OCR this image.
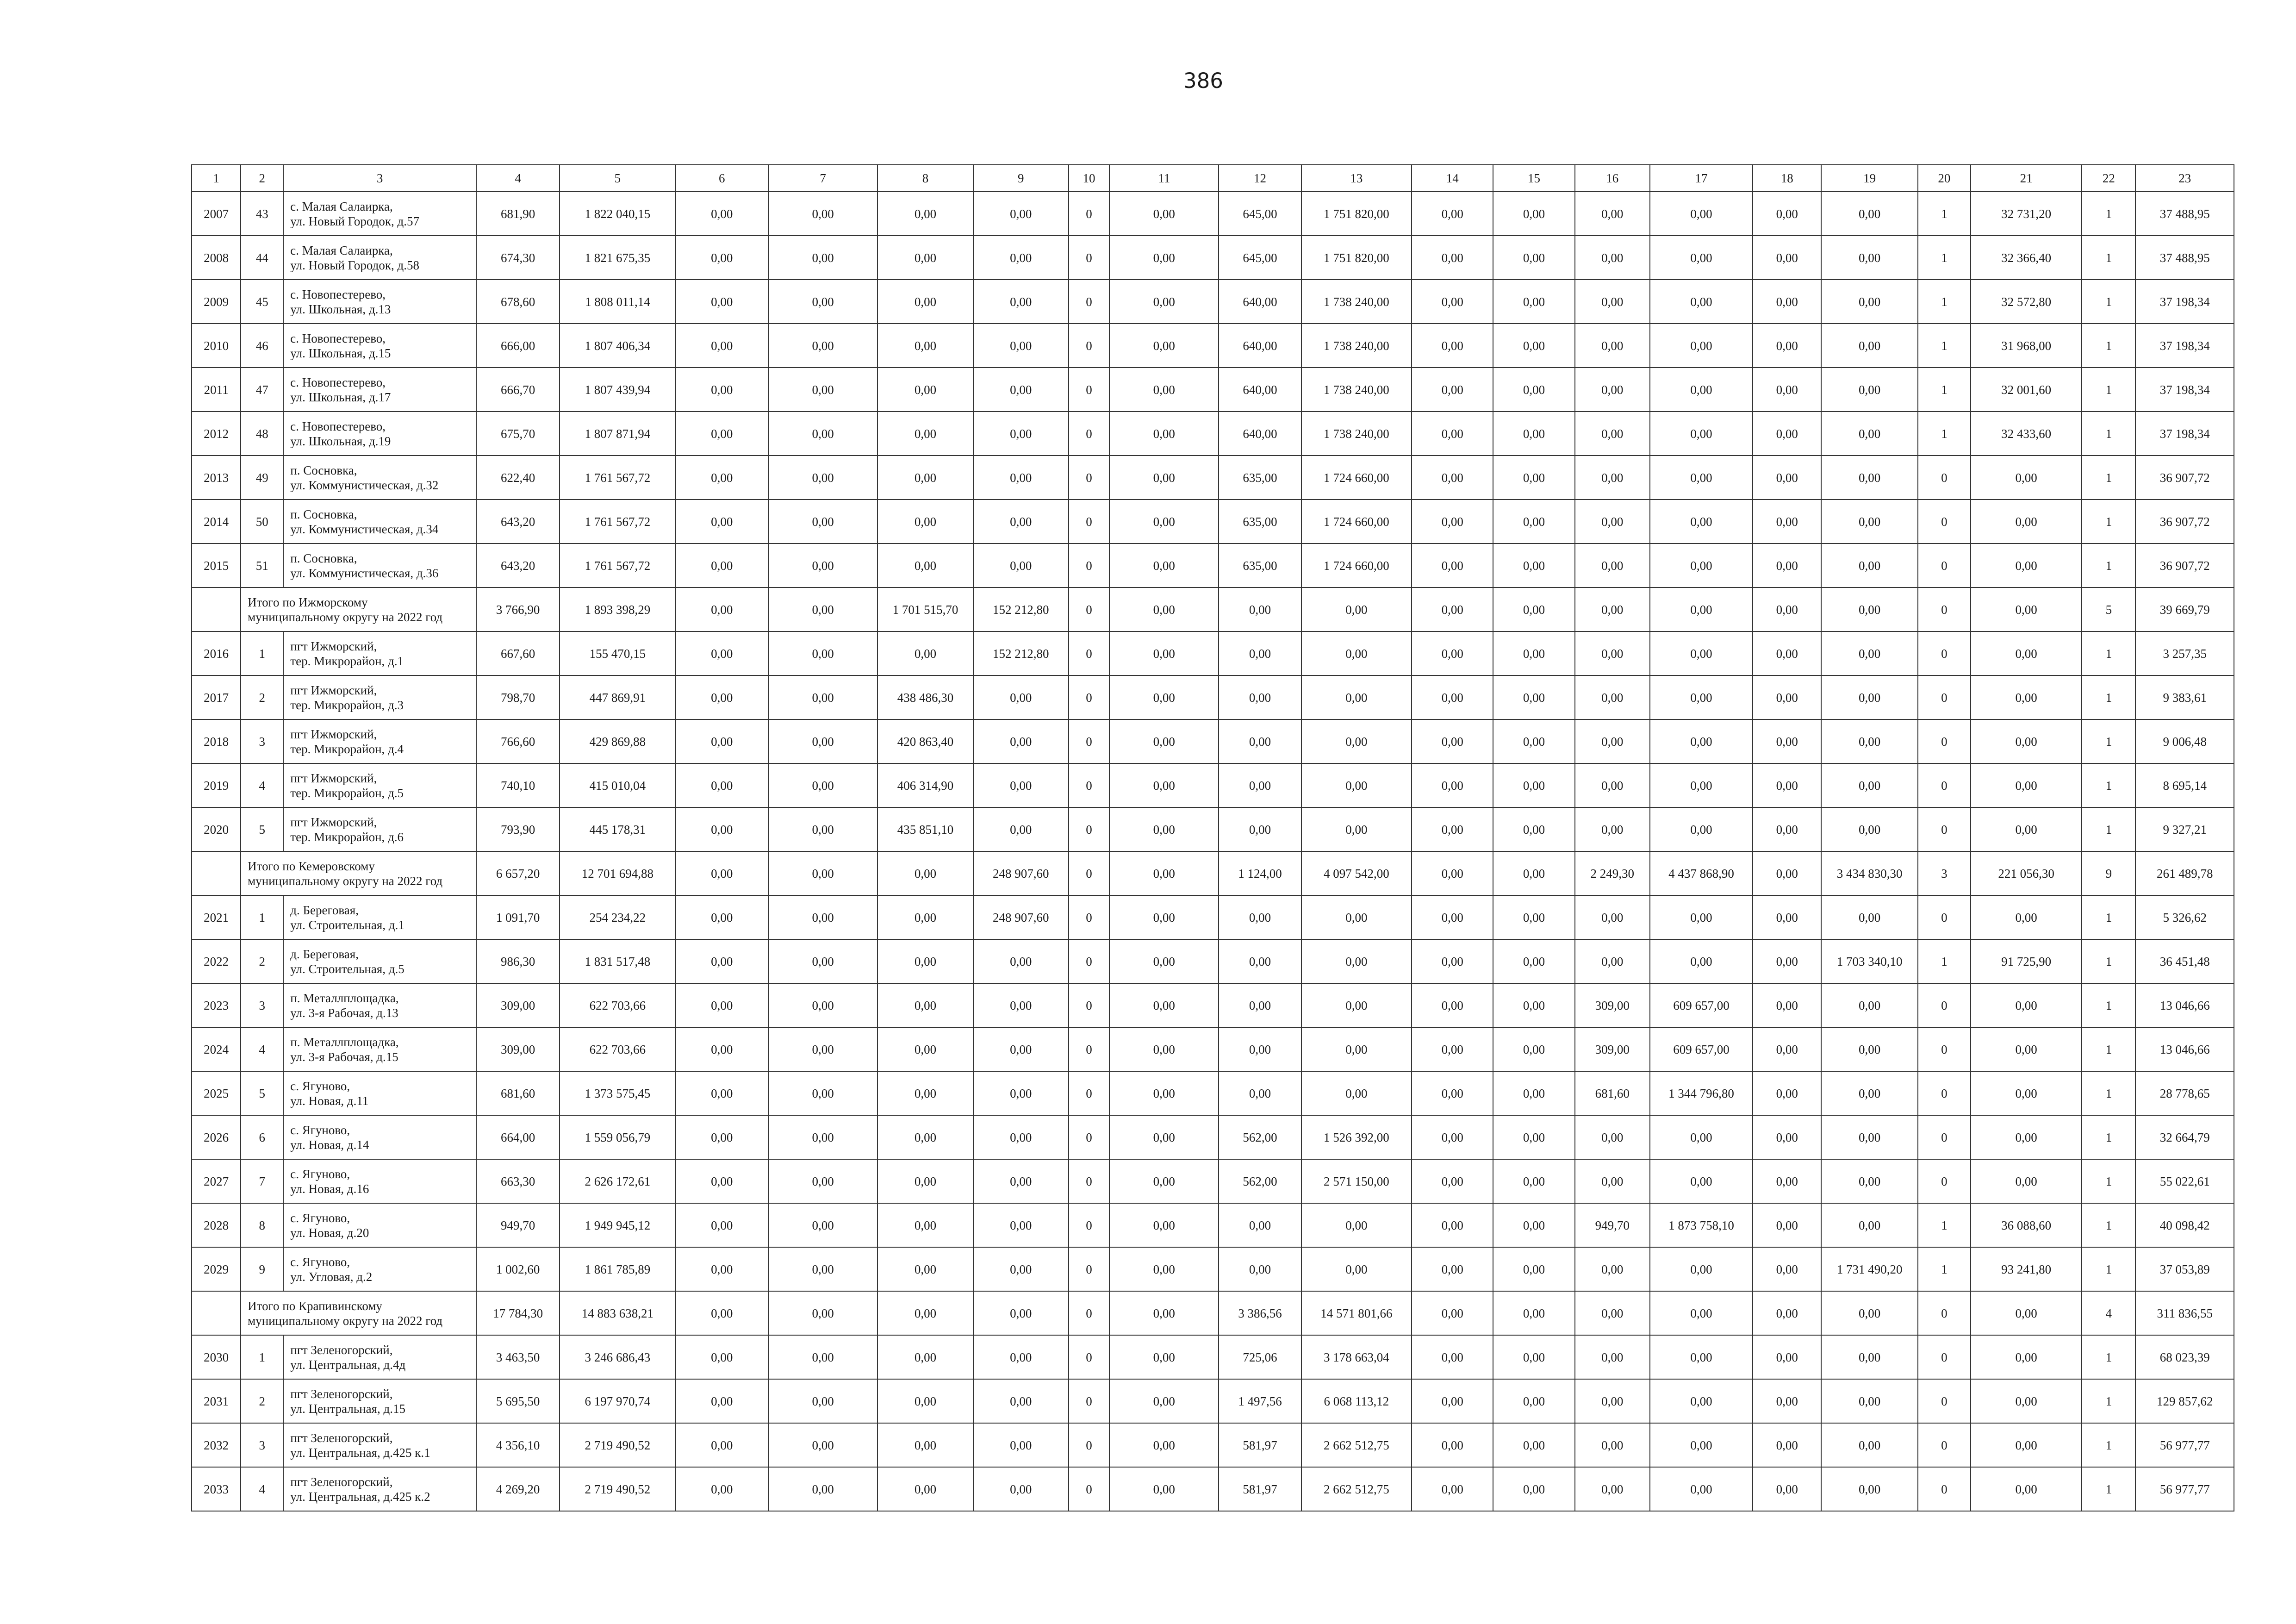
386
1	2	3	4	5	6	7	8	9	10	11	12	13	14	15	16	17	18	19	20	21	22	23
2007	43	с. Малая Салаирка,
ул. Новый Городок, д.57	681,90	1 822 040,15	0,00	0,00	0,00	0,00	0	0,00	645,00	1 751 820,00	0,00	0,00	0,00	0,00	0,00	0,00	1	32 731,20	1	37 488,95
2008	44	с. Малая Салаирка,
ул. Новый Городок, д.58	674,30	1 821 675,35	0,00	0,00	0,00	0,00	0	0,00	645,00	1 751 820,00	0,00	0,00	0,00	0,00	0,00	0,00	1	32 366,40	1	37 488,95
2009	45	с. Новопестерево,
ул. Школьная, д.13	678,60	1 808 011,14	0,00	0,00	0,00	0,00	0	0,00	640,00	1 738 240,00	0,00	0,00	0,00	0,00	0,00	0,00	1	32 572,80	1	37 198,34
2010	46	с. Новопестерево,
ул. Школьная, д.15	666,00	1 807 406,34	0,00	0,00	0,00	0,00	0	0,00	640,00	1 738 240,00	0,00	0,00	0,00	0,00	0,00	0,00	1	31 968,00	1	37 198,34
2011	47	с. Новопестерево,
ул. Школьная, д.17	666,70	1 807 439,94	0,00	0,00	0,00	0,00	0	0,00	640,00	1 738 240,00	0,00	0,00	0,00	0,00	0,00	0,00	1	32 001,60	1	37 198,34
2012	48	с. Новопестерево,
ул. Школьная, д.19	675,70	1 807 871,94	0,00	0,00	0,00	0,00	0	0,00	640,00	1 738 240,00	0,00	0,00	0,00	0,00	0,00	0,00	1	32 433,60	1	37 198,34
2013	49	п. Сосновка,
ул. Коммунистическая, д.32	622,40	1 761 567,72	0,00	0,00	0,00	0,00	0	0,00	635,00	1 724 660,00	0,00	0,00	0,00	0,00	0,00	0,00	0	0,00	1	36 907,72
2014	50	п. Сосновка,
ул. Коммунистическая, д.34	643,20	1 761 567,72	0,00	0,00	0,00	0,00	0	0,00	635,00	1 724 660,00	0,00	0,00	0,00	0,00	0,00	0,00	0	0,00	1	36 907,72
2015	51	п. Сосновка,
ул. Коммунистическая, д.36	643,20	1 761 567,72	0,00	0,00	0,00	0,00	0	0,00	635,00	1 724 660,00	0,00	0,00	0,00	0,00	0,00	0,00	0	0,00	1	36 907,72

	Итого по Ижморскому
муниципальному округу на 2022 год		3 766,90	1 893 398,29	0,00	0,00	1 701 515,70	152 212,80	0	0,00	0,00	0,00	0,00	0,00	0,00	0,00	0,00	0,00	0	0,00	5	39 669,79
2016	1	пгт Ижморский,
тер. Микрорайон, д.1	667,60	155 470,15	0,00	0,00	0,00	152 212,80	0	0,00	0,00	0,00	0,00	0,00	0,00	0,00	0,00	0,00	0	0,00	1	3 257,35
2017	2	пгт Ижморский,
тер. Микрорайон, д.3	798,70	447 869,91	0,00	0,00	438 486,30	0,00	0	0,00	0,00	0,00	0,00	0,00	0,00	0,00	0,00	0,00	0	0,00	1	9 383,61
2018	3	пгт Ижморский,
тер. Микрорайон, д.4	766,60	429 869,88	0,00	0,00	420 863,40	0,00	0	0,00	0,00	0,00	0,00	0,00	0,00	0,00	0,00	0,00	0	0,00	1	9 006,48
2019	4	пгт Ижморский,
тер. Микрорайон, д.5	740,10	415 010,04	0,00	0,00	406 314,90	0,00	0	0,00	0,00	0,00	0,00	0,00	0,00	0,00	0,00	0,00	0	0,00	1	8 695,14
2020	5	пгт Ижморский,
тер. Микрорайон, д.6	793,90	445 178,31	0,00	0,00	435 851,10	0,00	0	0,00	0,00	0,00	0,00	0,00	0,00	0,00	0,00	0,00	0	0,00	1	9 327,21

	Итого по Кемеровскому
муниципальному округу на 2022 год		6 657,20	12 701 694,88	0,00	0,00	0,00	248 907,60	0	0,00	1 124,00	4 097 542,00	0,00	0,00	2 249,30	4 437 868,90	0,00	3 434 830,30	3	221 056,30	9	261 489,78
2021	1	д. Береговая,
ул. Строительная, д.1	1 091,70	254 234,22	0,00	0,00	0,00	248 907,60	0	0,00	0,00	0,00	0,00	0,00	0,00	0,00	0,00	0,00	0	0,00	1	5 326,62
2022	2	д. Береговая,
ул. Строительная, д.5	986,30	1 831 517,48	0,00	0,00	0,00	0,00	0	0,00	0,00	0,00	0,00	0,00	0,00	0,00	0,00	1 703 340,10	1	91 725,90	1	36 451,48
2023	3	п. Металлплощадка,
ул. 3-я Рабочая, д.13	309,00	622 703,66	0,00	0,00	0,00	0,00	0	0,00	0,00	0,00	0,00	0,00	309,00	609 657,00	0,00	0,00	0	0,00	1	13 046,66
2024	4	п. Металлплощадка,
ул. 3-я Рабочая, д.15	309,00	622 703,66	0,00	0,00	0,00	0,00	0	0,00	0,00	0,00	0,00	0,00	309,00	609 657,00	0,00	0,00	0	0,00	1	13 046,66
2025	5	с. Ягуново,
ул. Новая, д.11	681,60	1 373 575,45	0,00	0,00	0,00	0,00	0	0,00	0,00	0,00	0,00	0,00	681,60	1 344 796,80	0,00	0,00	0	0,00	1	28 778,65
2026	6	с. Ягуново,
ул. Новая, д.14	664,00	1 559 056,79	0,00	0,00	0,00	0,00	0	0,00	562,00	1 526 392,00	0,00	0,00	0,00	0,00	0,00	0,00	0	0,00	1	32 664,79
2027	7	с. Ягуново,
ул. Новая, д.16	663,30	2 626 172,61	0,00	0,00	0,00	0,00	0	0,00	562,00	2 571 150,00	0,00	0,00	0,00	0,00	0,00	0,00	0	0,00	1	55 022,61
2028	8	с. Ягуново,
ул. Новая, д.20	949,70	1 949 945,12	0,00	0,00	0,00	0,00	0	0,00	0,00	0,00	0,00	0,00	949,70	1 873 758,10	0,00	0,00	1	36 088,60	1	40 098,42
2029	9	с. Ягуново,
ул. Угловая, д.2	1 002,60	1 861 785,89	0,00	0,00	0,00	0,00	0	0,00	0,00	0,00	0,00	0,00	0,00	0,00	0,00	1 731 490,20	1	93 241,80	1	37 053,89

	Итого по Крапивинскому
муниципальному округу на 2022 год		17 784,30	14 883 638,21	0,00	0,00	0,00	0,00	0	0,00	3 386,56	14 571 801,66	0,00	0,00	0,00	0,00	0,00	0,00	0	0,00	4	311 836,55
2030	1	пгт Зеленогорский,
ул. Центральная, д.4д	3 463,50	3 246 686,43	0,00	0,00	0,00	0,00	0	0,00	725,06	3 178 663,04	0,00	0,00	0,00	0,00	0,00	0,00	0	0,00	1	68 023,39
2031	2	пгт Зеленогорский,
ул. Центральная, д.15	5 695,50	6 197 970,74	0,00	0,00	0,00	0,00	0	0,00	1 497,56	6 068 113,12	0,00	0,00	0,00	0,00	0,00	0,00	0	0,00	1	129 857,62
2032	3	пгт Зеленогорский,
ул. Центральная, д.425 к.1	4 356,10	2 719 490,52	0,00	0,00	0,00	0,00	0	0,00	581,97	2 662 512,75	0,00	0,00	0,00	0,00	0,00	0,00	0	0,00	1	56 977,77
2033	4	пгт Зеленогорский,
ул. Центральная, д.425 к.2	4 269,20	2 719 490,52	0,00	0,00	0,00	0,00	0	0,00	581,97	2 662 512,75	0,00	0,00	0,00	0,00	0,00	0,00	0	0,00	1	56 977,77
